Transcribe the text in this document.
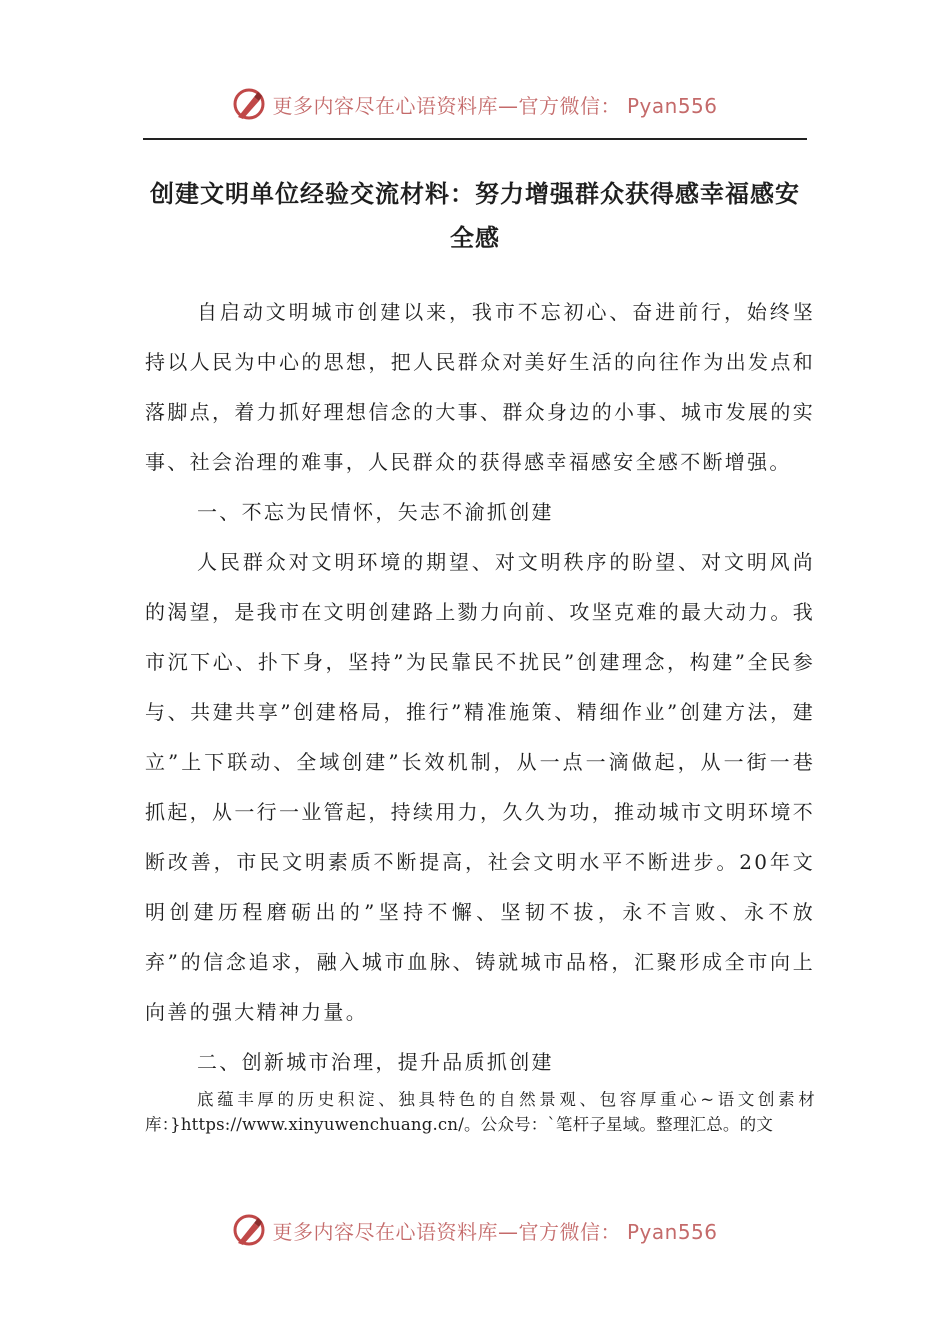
更多内容尽在心语资料库—官方微信： Pyan556
创建文明单位经验交流材料：努力增强群众获得感幸福感安全感

自启动文明城市创建以来，我市不忘初心、奋进前行，始终坚持以人民为中心的思想，把人民群众对美好生活的向往作为出发点和落脚点，着力抓好理想信念的大事、群众身边的小事、城市发展的实事、社会治理的难事，人民群众的获得感幸福感安全感不断增强。

一、不忘为民情怀，矢志不渝抓创建

人民群众对文明环境的期望、对文明秩序的盼望、对文明风尚的渴望，是我市在文明创建路上勠力向前、攻坚克难的最大动力。我市沉下心、扑下身，坚持”为民靠民不扰民”创建理念，构建”全民参与、共建共享”创建格局，推行”精准施策、精细作业”创建方法，建立”上下联动、全域创建”长效机制，从一点一滴做起，从一街一巷抓起，从一行一业管起，持续用力，久久为功，推动城市文明环境不断改善，市民文明素质不断提高，社会文明水平不断进步。20年文明创建历程磨砺出的”坚持不懈、坚韧不拔，永不言败、永不放弃”的信念追求，融入城市血脉、铸就城市品格，汇聚形成全市向上向善的强大精神力量。

二、创新城市治理，提升品质抓创建

底蕴丰厚的历史积淀、独具特色的自然景观、包容厚重心~语文创素材库：}https://www.xinyuwenchuang.cn/。公众号：`笔杆子星域。整理汇总。的文

更多内容尽在心语资料库—官方微信： Pyan556
